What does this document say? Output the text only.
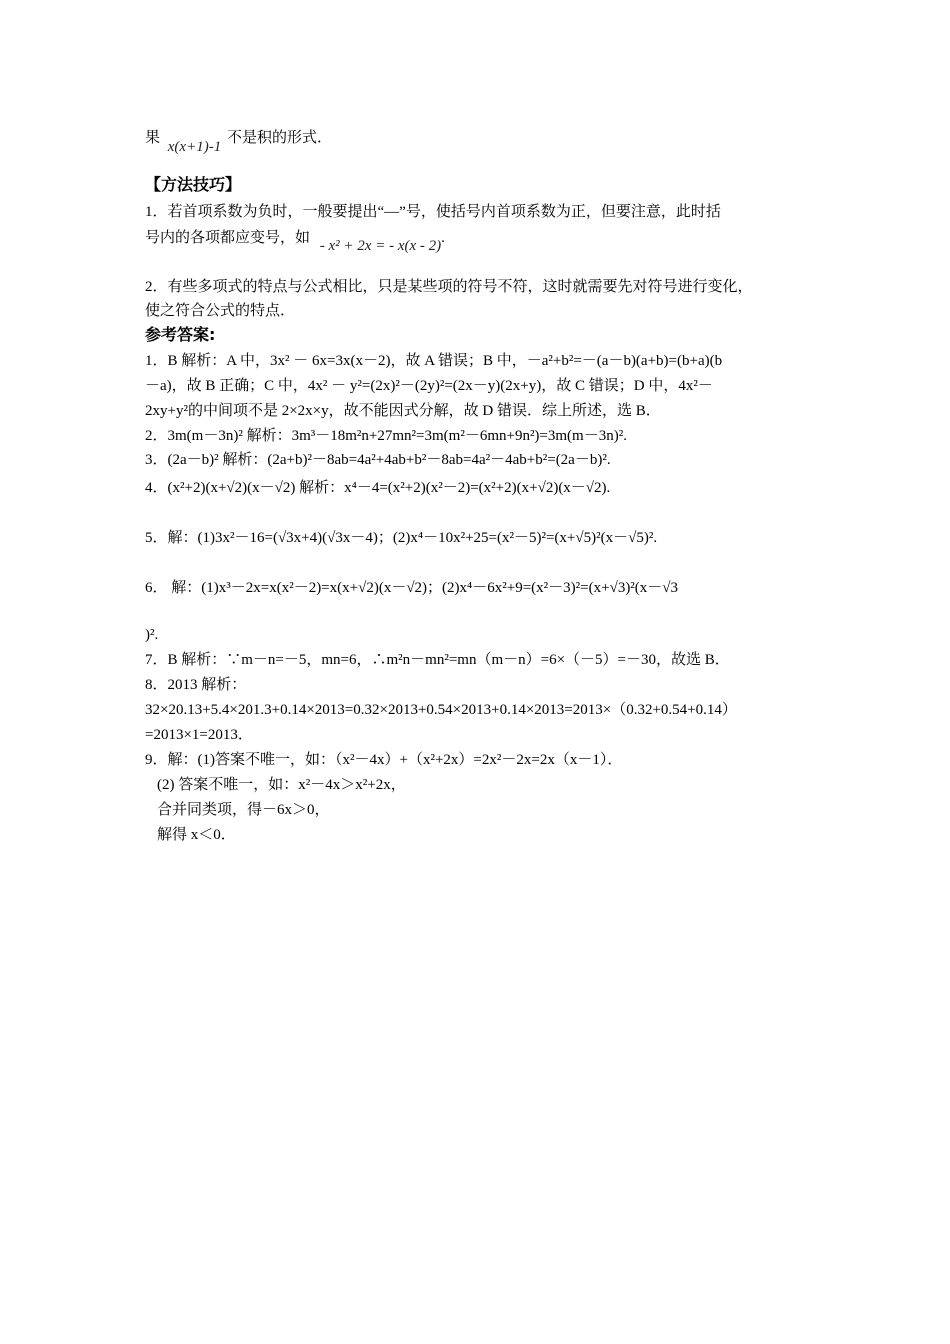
果 x(x+1)-1 不是积的形式．
【方法技巧】
1．若首项系数为负时，一般要提出“—”号，使括号内首项系数为正，但要注意，此时括
号内的各项都应变号，如 - x² + 2x = - x(x - 2).
2．有些多项式的特点与公式相比，只是某些项的符号不符，这时就需要先对符号进行变化，
使之符合公式的特点．
参考答案:
1．B 解析：A 中，3x² － 6x=3x(x－2)，故 A 错误；B 中，－a²+b²=－(a－b)(a+b)=(b+a)(b
－a)，故 B 正确；C 中，4x² － y²=(2x)²－(2y)²=(2x－y)(2x+y)，故 C 错误；D 中，4x²－
2xy+y²的中间项不是 2×2x×y，故不能因式分解，故 D 错误．综上所述，选 B．
2．3m(m－3n)² 解析：3m³－18m²n+27mn²=3m(m²－6mn+9n²)=3m(m－3n)².
3．(2a－b)² 解析：(2a+b)²－8ab=4a²+4ab+b²－8ab=4a²－4ab+b²=(2a－b)².
4．(x²+2)(x+√2)(x－√2) 解析：x⁴－4=(x²+2)(x²－2)=(x²+2)(x+√2)(x－√2).
5．解：(1)3x²－16=(√3x+4)(√3x－4)；(2)x⁴－10x²+25=(x²－5)²=(x+√5)²(x－√5)².
6． 解：(1)x³－2x=x(x²－2)=x(x+√2)(x－√2)；(2)x⁴－6x²+9=(x²－3)²=(x+√3)²(x－√3
)².
7．B 解析：∵m－n=－5，mn=6，∴m²n－mn²=mn（m－n）=6×（－5）=－30，故选 B．
8．2013 解析：
32×20.13+5.4×201.3+0.14×2013=0.32×2013+0.54×2013+0.14×2013=2013×（0.32+0.54+0.14）
=2013×1=2013．
9．解：(1)答案不唯一，如：（x²－4x）+（x²+2x）=2x²－2x=2x（x－1）．
(2) 答案不唯一，如：x²－4x＞x²+2x，
合并同类项，得－6x＞0，
解得 x＜0．
